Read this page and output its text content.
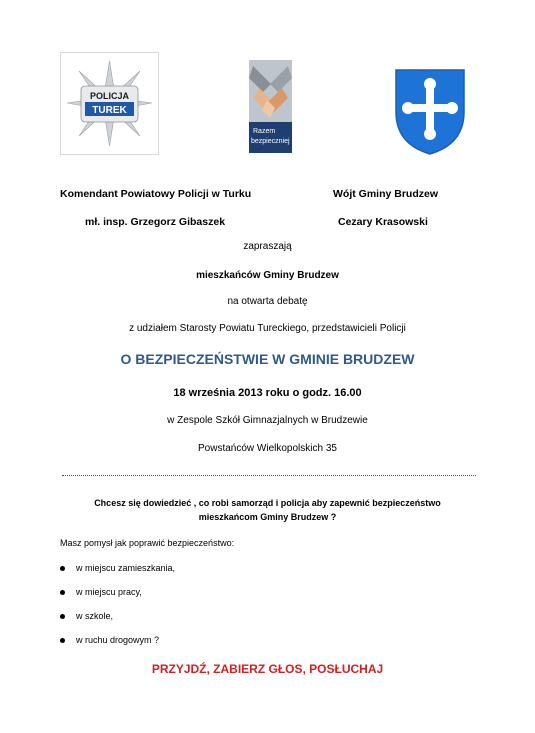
POLICJA
TUREK
Razem
bezpieczniej
Komendant Powiatowy Policji w Turku
mł. insp. Grzegorz Gibaszek
Wójt Gminy Brudzew
Cezary Krasowski
zapraszają
mieszkańców Gminy Brudzew
na otwarta debatę
z udziałem Starosty Powiatu Tureckiego, przedstawicieli Policji
O BEZPIECZEŃSTWIE W GMINIE BRUDZEW
18 września 2013 roku o godz. 16.00
w Zespole Szkół Gimnazjalnych w Brudzewie
Powstańców Wielkopolskich 35
Chcesz się dowiedzieć , co robi samorząd i policja aby zapewnić bezpieczeństwo
mieszkańcom Gminy Brudzew ?
Masz pomysł jak poprawić bezpieczeństwo:
w miejscu zamieszkania,
w miejscu pracy,
w szkole,
w ruchu drogowym ?
PRZYJDŹ, ZABIERZ GŁOS, POSŁUCHAJ
